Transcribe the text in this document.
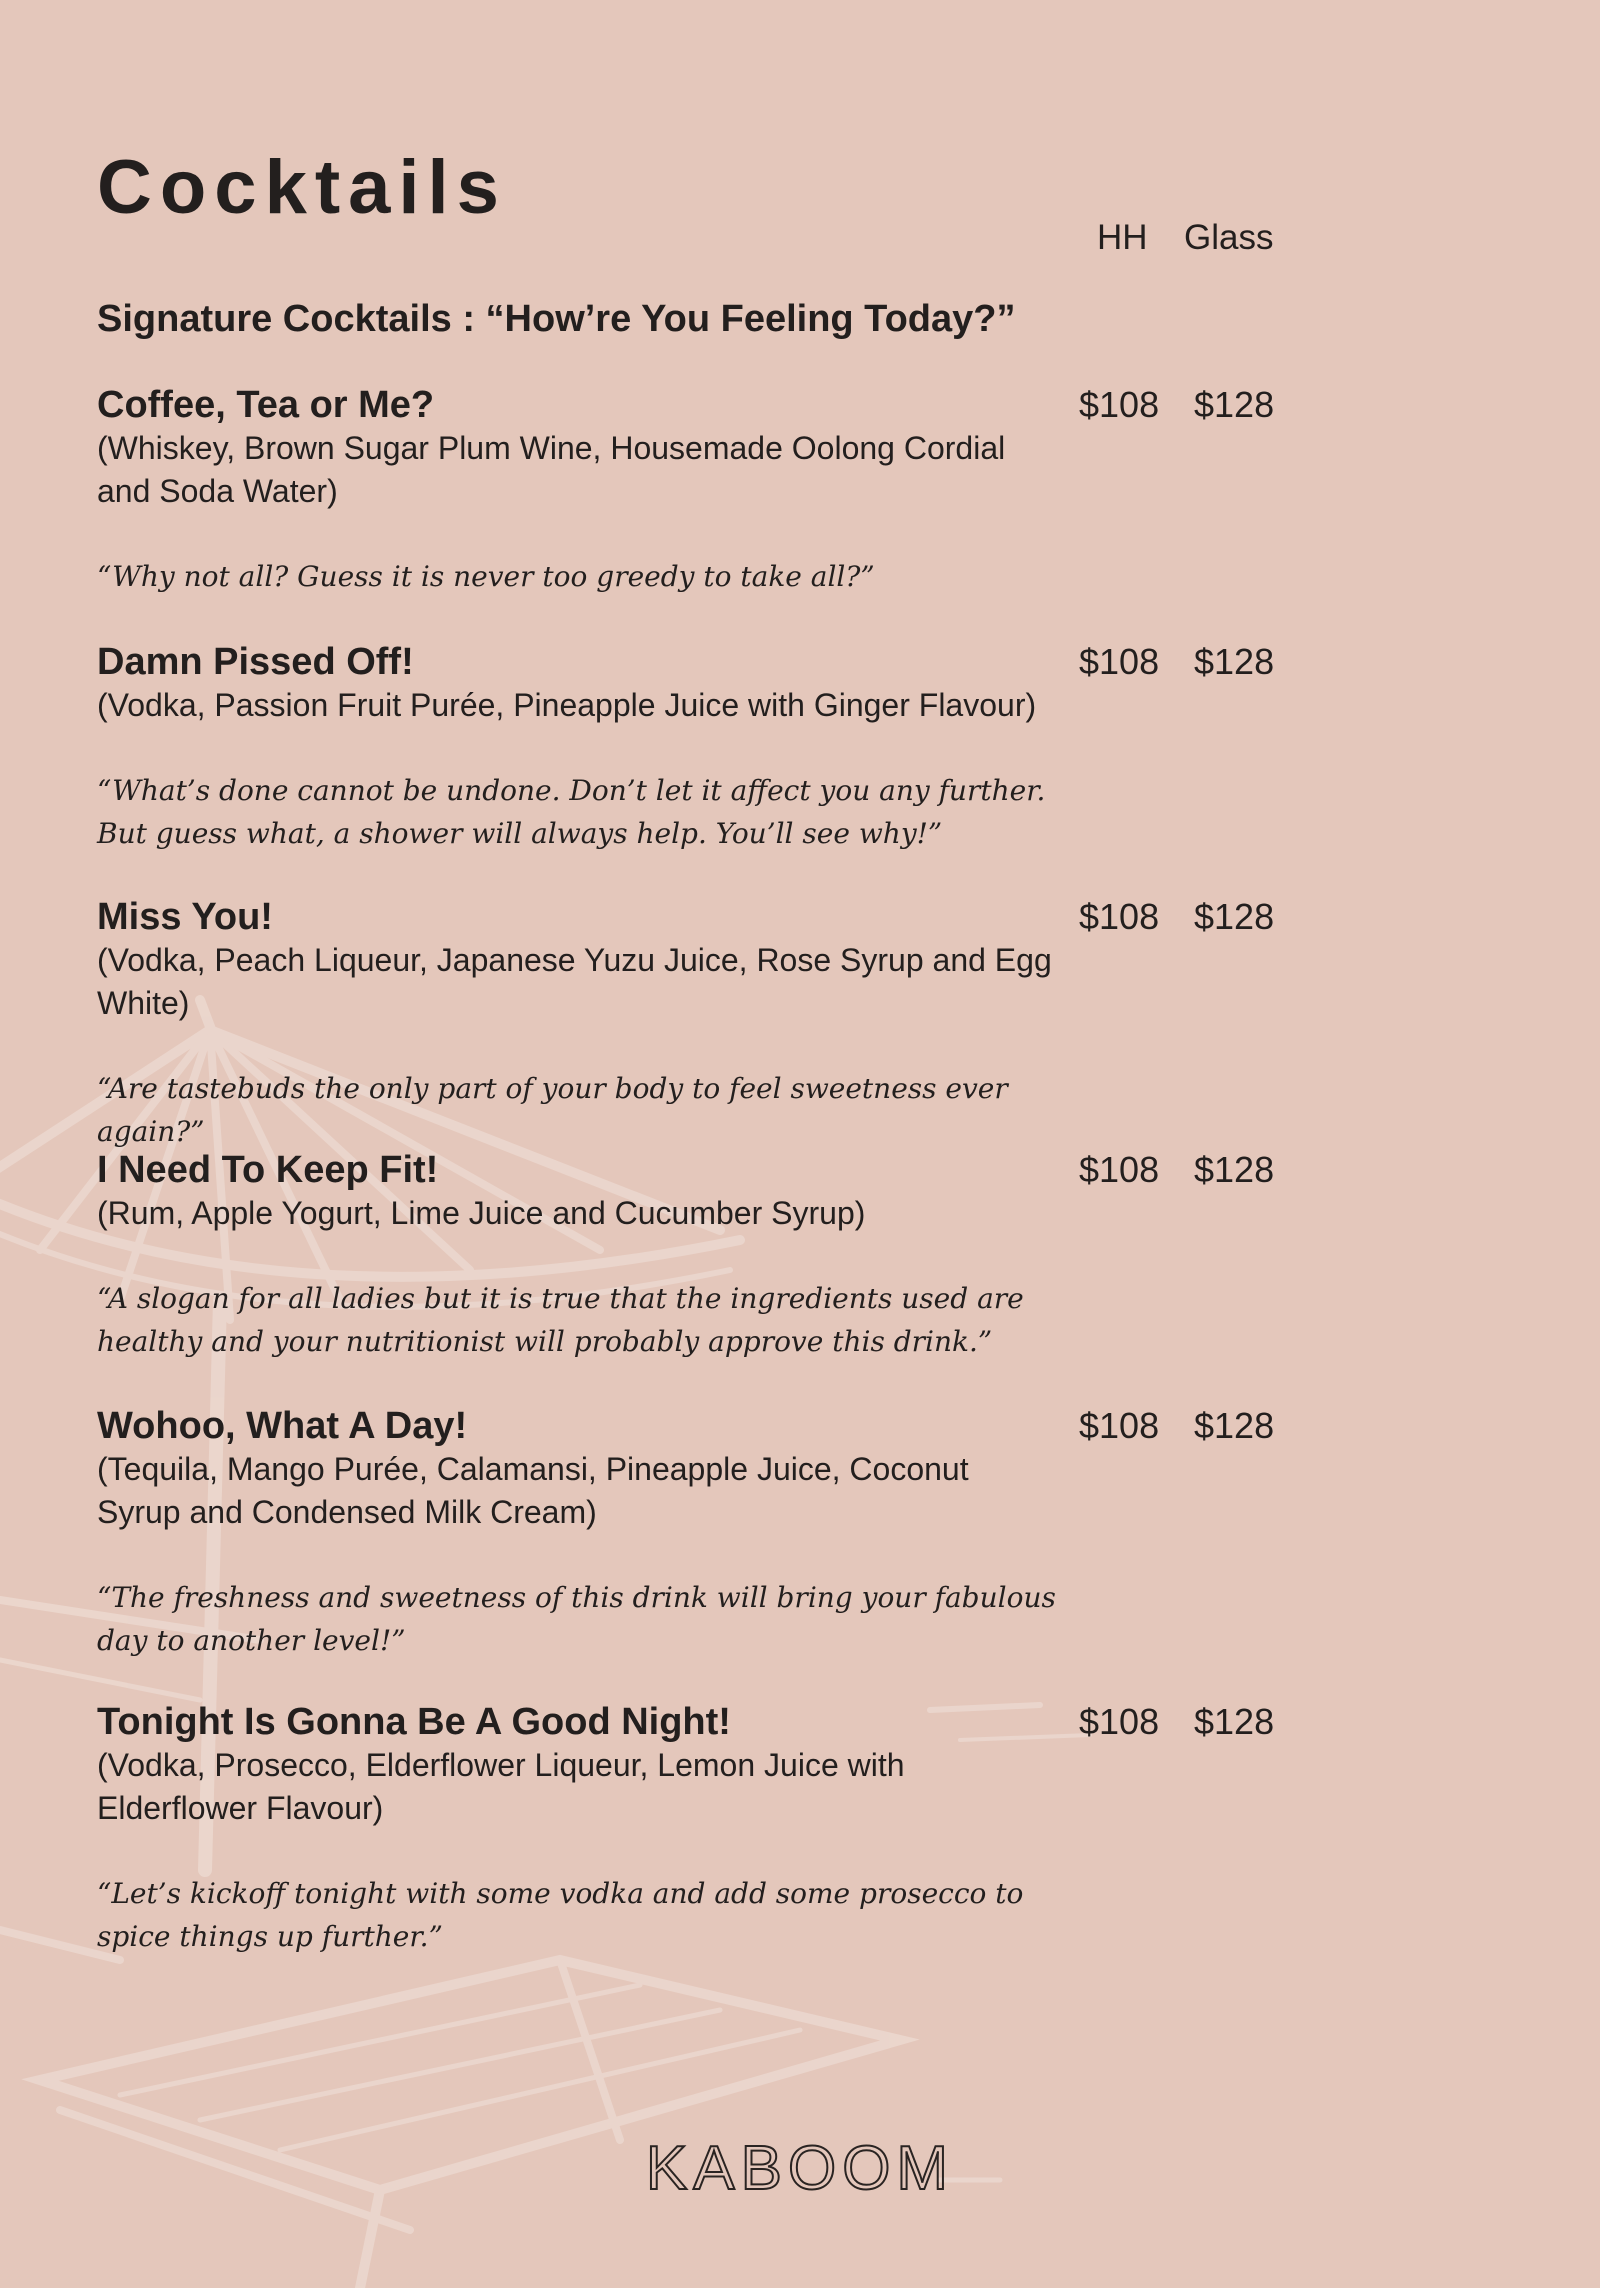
Cocktails
HH Glass
Signature Cocktails : “How’re You Feeling Today?”
Coffee, Tea or Me?
(Whiskey, Brown Sugar Plum Wine, Housemade Oolong Cordial and Soda Water)
“Why not all? Guess it is never too greedy to take all?”
$108 $128
Damn Pissed Off!
(Vodka, Passion Fruit Purée, Pineapple Juice with Ginger Flavour)
“What’s done cannot be undone. Don’t let it affect you any further. But guess what, a shower will always help. You’ll see why!”
$108 $128
Miss You!
(Vodka, Peach Liqueur, Japanese Yuzu Juice, Rose Syrup and Egg White)
“Are tastebuds the only part of your body to feel sweetness ever again?”
$108 $128
I Need To Keep Fit!
(Rum, Apple Yogurt, Lime Juice and Cucumber Syrup)
“A slogan for all ladies but it is true that the ingredients used are healthy and your nutritionist will probably approve this drink.”
$108 $128
Wohoo, What A Day!
(Tequila, Mango Purée, Calamansi, Pineapple Juice, Coconut Syrup and Condensed Milk Cream)
“The freshness and sweetness of this drink will bring your fabulous day to another level!”
$108 $128
Tonight Is Gonna Be A Good Night!
(Vodka, Prosecco, Elderflower Liqueur, Lemon Juice with Elderflower Flavour)
“Let’s kickoff tonight with some vodka and add some prosecco to spice things up further.”
$108 $128
KABOOM
